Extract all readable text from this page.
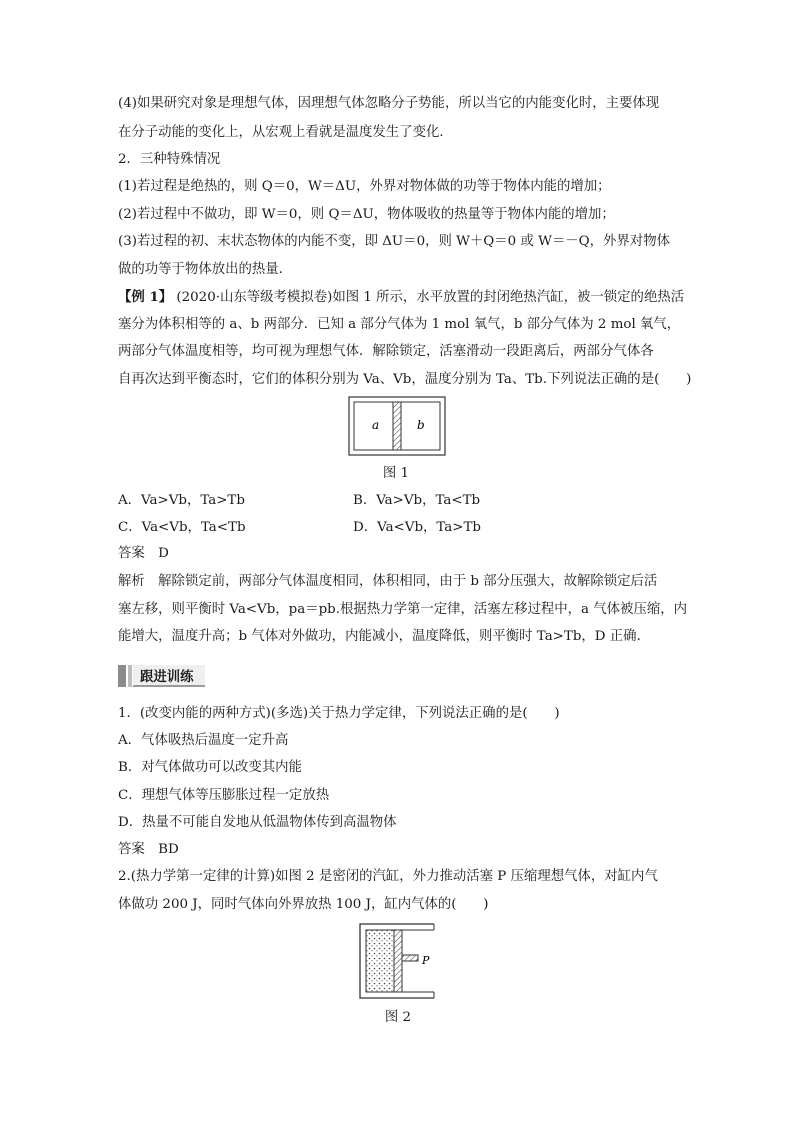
(4)如果研究对象是理想气体，因理想气体忽略分子势能，所以当它的内能变化时，主要体现
在分子动能的变化上，从宏观上看就是温度发生了变化．
2．三种特殊情况
(1)若过程是绝热的，则 Q＝0，W＝ΔU，外界对物体做的功等于物体内能的增加；
(2)若过程中不做功，即 W＝0，则 Q＝ΔU，物体吸收的热量等于物体内能的增加；
(3)若过程的初、末状态物体的内能不变，即 ΔU＝0，则 W＋Q＝0 或 W＝－Q，外界对物体
做的功等于物体放出的热量．
【例 1】 (2020·山东等级考模拟卷)如图 1 所示，水平放置的封闭绝热汽缸，被一锁定的绝热活
塞分为体积相等的 a、b 两部分．已知 a 部分气体为 1 mol 氧气，b 部分气体为 2 mol 氧气，
两部分气体温度相等，均可视为理想气体．解除锁定，活塞滑动一段距离后，两部分气体各
自再次达到平衡态时，它们的体积分别为 Va、Vb，温度分别为 Ta、Tb.下列说法正确的是(　　)
a	b
图 1
A．Va>Vb，Ta>Tb	B．Va>Vb，Ta<Tb
C．Va<Vb，Ta<Tb	D．Va<Vb，Ta>Tb
答案　D
解析　解除锁定前，两部分气体温度相同，体积相同，由于 b 部分压强大，故解除锁定后活
塞左移，则平衡时 Va<Vb，pa＝pb.根据热力学第一定律，活塞左移过程中，a 气体被压缩，内
能增大，温度升高；b 气体对外做功，内能减小，温度降低，则平衡时 Ta>Tb，D 正确．
跟进训练
1．(改变内能的两种方式)(多选)关于热力学定律，下列说法正确的是(　　)
A．气体吸热后温度一定升高
B．对气体做功可以改变其内能
C．理想气体等压膨胀过程一定放热
D．热量不可能自发地从低温物体传到高温物体
答案　BD
2.(热力学第一定律的计算)如图 2 是密闭的汽缸，外力推动活塞 P 压缩理想气体，对缸内气
体做功 200 J，同时气体向外界放热 100 J，缸内气体的(　　)
P
图 2
